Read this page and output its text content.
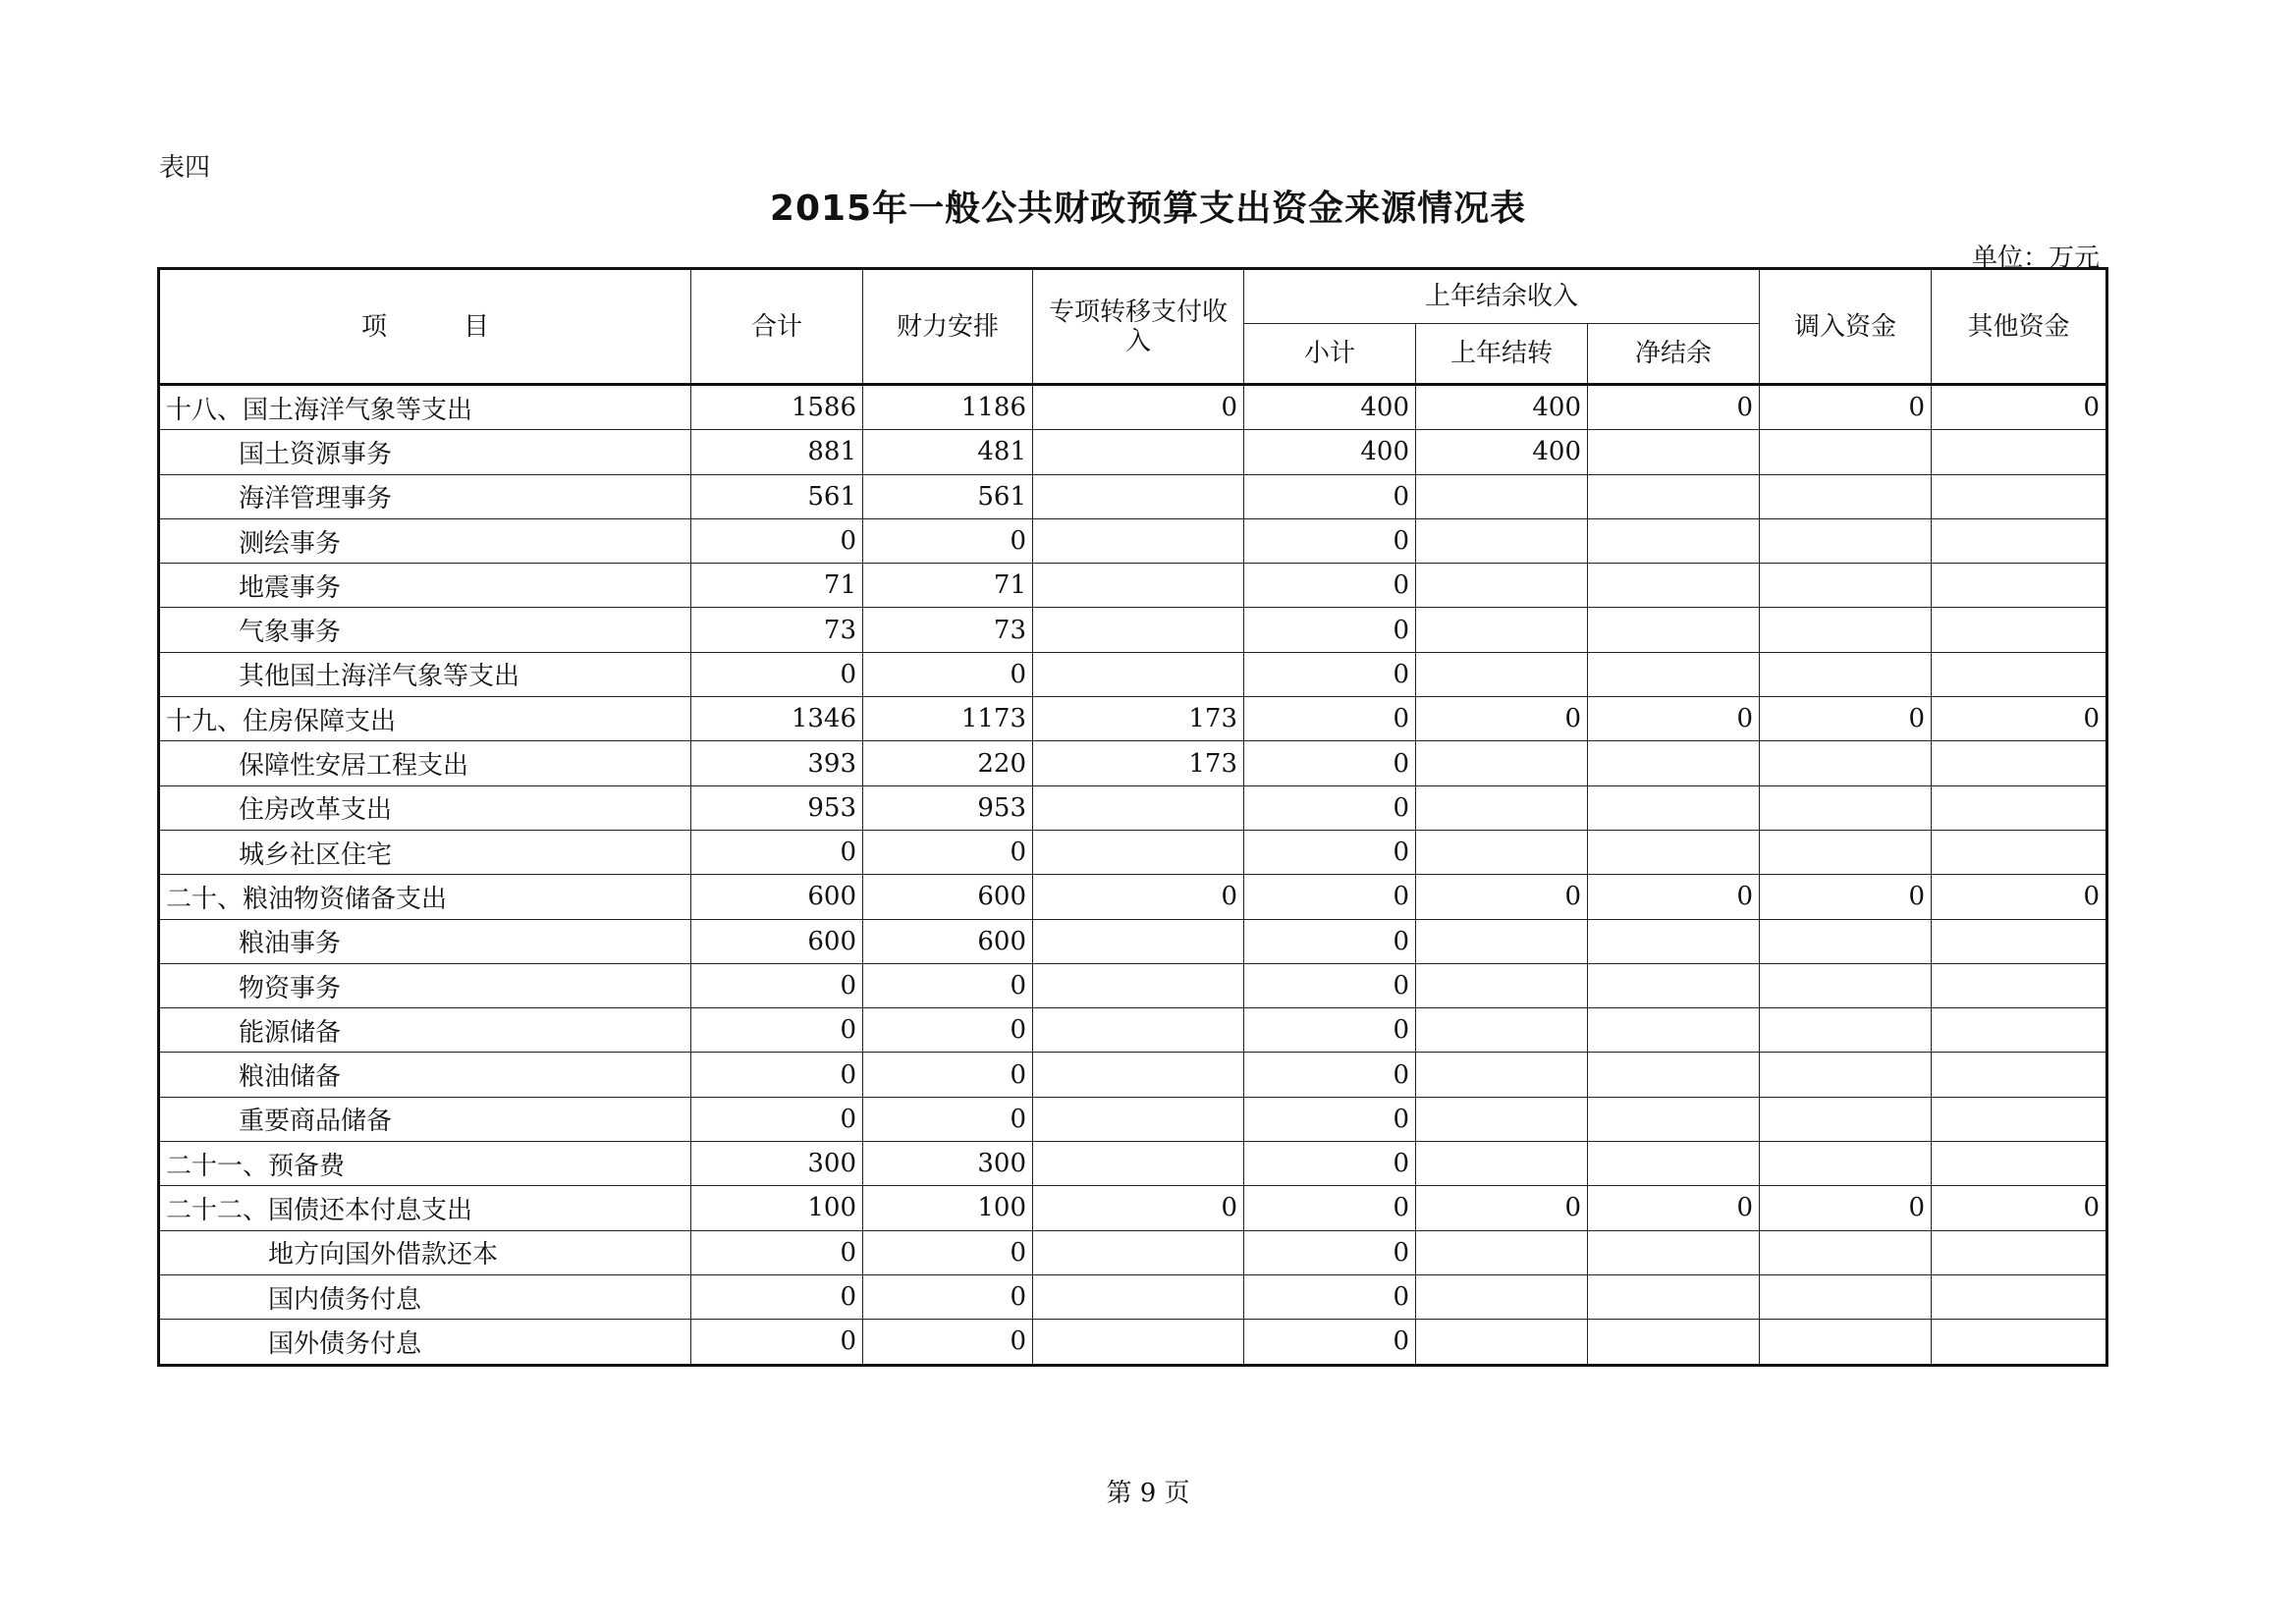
表四
2015年一般公共财政预算支出资金来源情况表
单位：万元
项　　　目	合计	财力安排	专项转移支付收入	上年结余收入			调入资金	其他资金
				小计	上年结转	净结余		
十八、国土海洋气象等支出	1586	1186	0	400	400	0	0	0
国土资源事务	881	481		400	400			
海洋管理事务	561	561		0				
测绘事务	0	0		0				
地震事务	71	71		0				
气象事务	73	73		0				
其他国土海洋气象等支出	0	0		0				
十九、住房保障支出	1346	1173	173	0	0	0	0	0
保障性安居工程支出	393	220	173	0				
住房改革支出	953	953		0				
城乡社区住宅	0	0		0				
二十、粮油物资储备支出	600	600	0	0	0	0	0	0
粮油事务	600	600		0				
物资事务	0	0		0				
能源储备	0	0		0				
粮油储备	0	0		0				
重要商品储备	0	0		0				
二十一、预备费	300	300		0				
二十二、国债还本付息支出	100	100	0	0	0	0	0	0
地方向国外借款还本	0	0		0				
国内债务付息	0	0		0				
国外债务付息	0	0		0				
第 9 页
